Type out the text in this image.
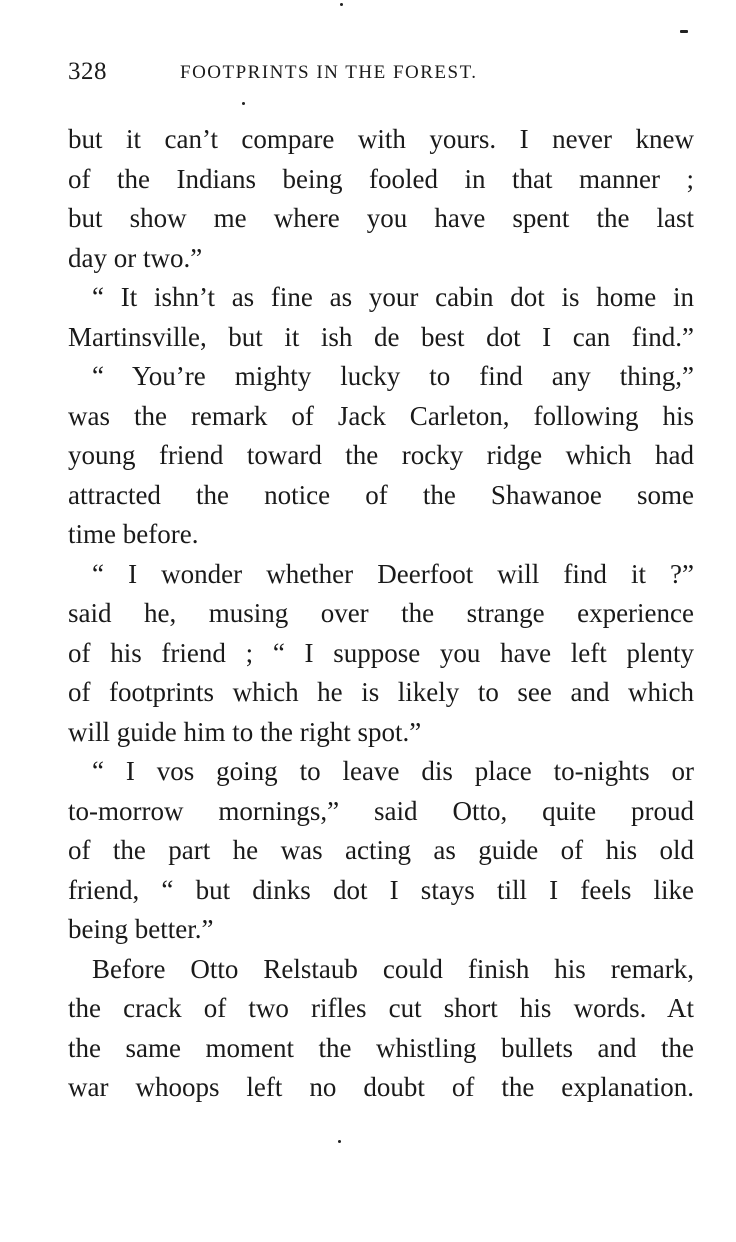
328	FOOTPRINTS IN THE FOREST.
but it can’t compare with yours. I never knew
of the Indians being fooled in that manner ;
but show me where you have spent the last
day or two.”
“ It ishn’t as fine as your cabin dot is home in
Martinsville, but it ish de best dot I can find.”
“ You’re mighty lucky to find any thing,”
was the remark of Jack Carleton, following his
young friend toward the rocky ridge which had
attracted the notice of the Shawanoe some
time before.
“ I wonder whether Deerfoot will find it ?”
said he, musing over the strange experience
of his friend ; “ I suppose you have left plenty
of footprints which he is likely to see and which
will guide him to the right spot.”
“ I vos going to leave dis place to-nights or
to-morrow mornings,” said Otto, quite proud
of the part he was acting as guide of his old
friend, “ but dinks dot I stays till I feels like
being better.”
Before Otto Relstaub could finish his remark,
the crack of two rifles cut short his words. At
the same moment the whistling bullets and the
war whoops left no doubt of the explanation.
